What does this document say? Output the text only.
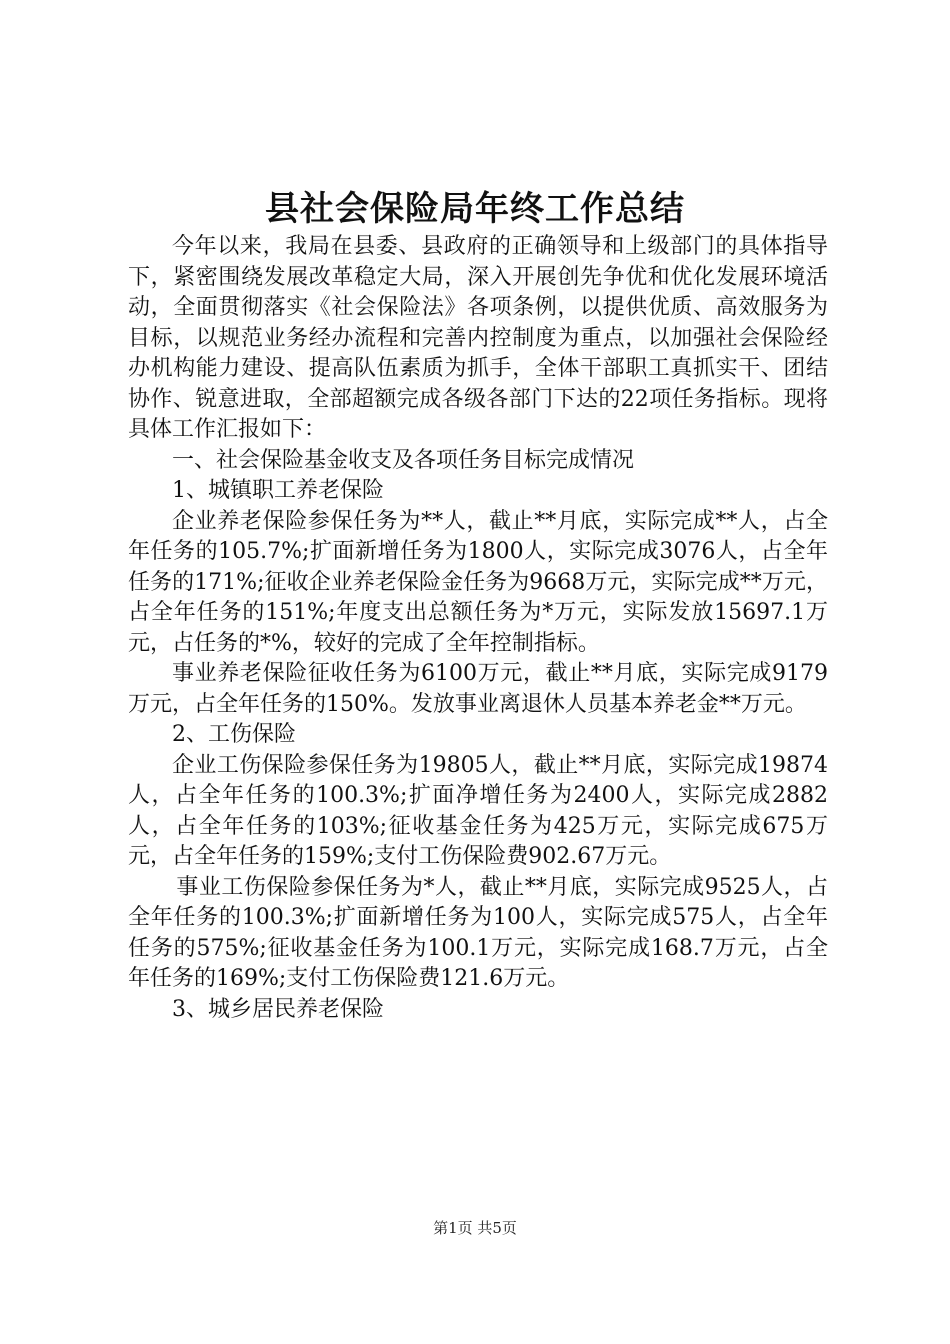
县社会保险局年终工作总结

今年以来，我局在县委、县政府的正确领导和上级部门的具体指导下，紧密围绕发展改革稳定大局，深入开展创先争优和优化发展环境活动，全面贯彻落实《社会保险法》各项条例，以提供优质、高效服务为目标，以规范业务经办流程和完善内控制度为重点，以加强社会保险经办机构能力建设、提高队伍素质为抓手，全体干部职工真抓实干、团结协作、锐意进取，全部超额完成各级各部门下达的22项任务指标。现将具体工作汇报如下：

一、社会保险基金收支及各项任务目标完成情况

1、城镇职工养老保险

企业养老保险参保任务为**人，截止**月底，实际完成**人，占全年任务的105.7%;扩面新增任务为1800人，实际完成3076人，占全年任务的171%;征收企业养老保险金任务为9668万元，实际完成**万元，占全年任务的151%;年度支出总额任务为*万元，实际发放15697.1万元，占任务的*%，较好的完成了全年控制指标。

事业养老保险征收任务为6100万元，截止**月底，实际完成9179万元，占全年任务的150%。发放事业离退休人员基本养老金**万元。

2、工伤保险

企业工伤保险参保任务为19805人，截止**月底，实际完成19874人，占全年任务的100.3%;扩面净增任务为2400人，实际完成2882人，占全年任务的103%;征收基金任务为425万元，实际完成675万元，占全年任务的159%;支付工伤保险费902.67万元。

事业工伤保险参保任务为*人，截止**月底，实际完成9525人，占全年任务的100.3%;扩面新增任务为100人，实际完成575人，占全年任务的575%;征收基金任务为100.1万元，实际完成168.7万元，占全年任务的169%;支付工伤保险费121.6万元。

3、城乡居民养老保险

第1页 共5页
